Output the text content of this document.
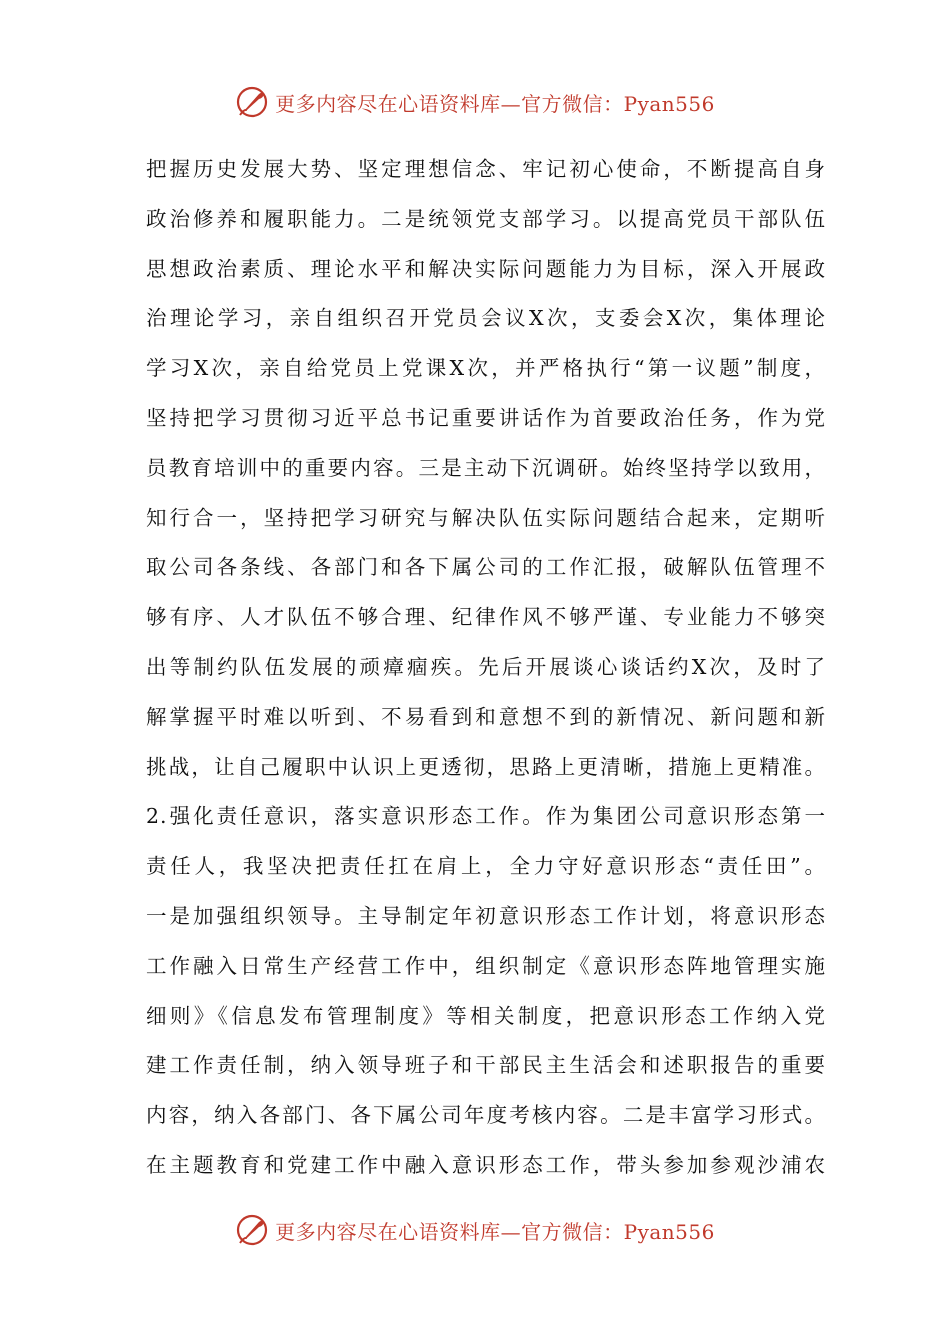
更多内容尽在心语资料库—官方微信：Pyan556
把握历史发展大势、坚定理想信念、牢记初心使命，不断提高自身
政治修养和履职能力。二是统领党支部学习。以提高党员干部队伍
思想政治素质、理论水平和解决实际问题能力为目标，深入开展政
治理论学习，亲自组织召开党员会议X次，支委会X次，集体理论
学习X次，亲自给党员上党课X次，并严格执行“第一议题”制度，
坚持把学习贯彻习近平总书记重要讲话作为首要政治任务，作为党
员教育培训中的重要内容。三是主动下沉调研。始终坚持学以致用，
知行合一，坚持把学习研究与解决队伍实际问题结合起来，定期听
取公司各条线、各部门和各下属公司的工作汇报，破解队伍管理不
够有序、人才队伍不够合理、纪律作风不够严谨、专业能力不够突
出等制约队伍发展的顽瘴痼疾。先后开展谈心谈话约X次，及时了
解掌握平时难以听到、不易看到和意想不到的新情况、新问题和新
挑战，让自己履职中认识上更透彻，思路上更清晰，措施上更精准。
2.强化责任意识，落实意识形态工作。作为集团公司意识形态第一
责任人，我坚决把责任扛在肩上，全力守好意识形态“责任田”。
一是加强组织领导。主导制定年初意识形态工作计划，将意识形态
工作融入日常生产经营工作中，组织制定《意识形态阵地管理实施
细则》《信息发布管理制度》等相关制度，把意识形态工作纳入党
建工作责任制，纳入领导班子和干部民主生活会和述职报告的重要
内容，纳入各部门、各下属公司年度考核内容。二是丰富学习形式。
在主题教育和党建工作中融入意识形态工作，带头参加参观沙浦农
更多内容尽在心语资料库—官方微信：Pyan556
